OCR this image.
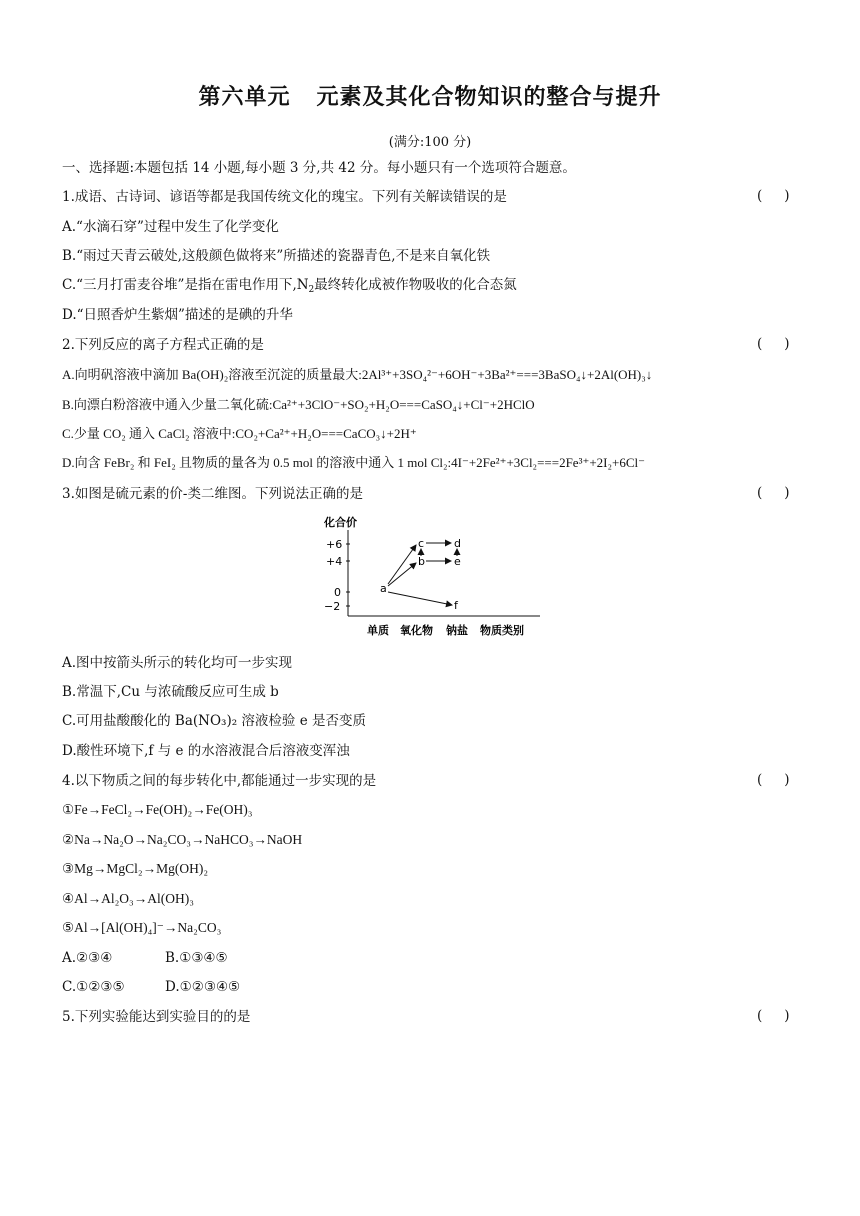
第六单元 元素及其化合物知识的整合与提升
(满分:100 分)
一、选择题:本题包括 14 小题,每小题 3 分,共 42 分。每小题只有一个选项符合题意。
1.成语、古诗词、谚语等都是我国传统文化的瑰宝。下列有关解读错误的是	( )
A.“水滴石穿”过程中发生了化学变化
B.“雨过天青云破处,这般颜色做将来”所描述的瓷器青色,不是来自氧化铁
C.“三月打雷麦谷堆”是指在雷电作用下$,N_2$最终转化成被作物吸收的化合态氮
D.“日照香炉生紫烟”描述的是碘的升华
2.下列反应的离子方程式正确的是	( )
A.向明矾溶液中滴加 Ba(OH)₂溶液至沉淀的质量最大:2Al³⁺+3SO₄²⁻+6OH⁻+3Ba²⁺===3BaSO₄↓+2Al(OH)₃↓
B.向漂白粉溶液中通入少量二氧化硫:Ca²⁺+3ClO⁻+SO₂+H₂O===CaSO₄↓+Cl⁻+2HClO
C.少量 CO₂ 通入 CaCl₂ 溶液中:CO₂+Ca²⁺+H₂O===CaCO₃↓+2H⁺
D.向含 FeBr₂ 和 FeI₂ 且物质的量各为 0.5 mol 的溶液中通入 1 mol Cl₂:4I⁻+2Fe²⁺+3Cl₂===2Fe³⁺+2I₂+6Cl⁻
3.如图是硫元素的价-类二维图。下列说法正确的是	( )
化合价
+6
+4
0
−2
单质 氧化物 钠盐 物质类别
a
b
c	d
e
f
A.图中按箭头所示的转化均可一步实现
B.常温下,Cu 与浓硫酸反应可生成 b
C.可用盐酸酸化的 Ba(NO₃)₂ 溶液检验 e 是否变质
D.酸性环境下,f 与 e 的水溶液混合后溶液变浑浊
4.以下物质之间的每步转化中,都能通过一步实现的是	( )
①Fe→FeCl₂→Fe(OH)₂→Fe(OH)₃
②Na→Na₂O→Na₂CO₃→NaHCO₃→NaOH
③Mg→MgCl₂→Mg(OH)₂
④Al→Al₂O₃→Al(OH)₃
⑤Al→[Al(OH)₄]⁻→Na₂CO₃
A.②③④	B.①③④⑤
C.①②③⑤	D.①②③④⑤
5.下列实验能达到实验目的的是	( )
